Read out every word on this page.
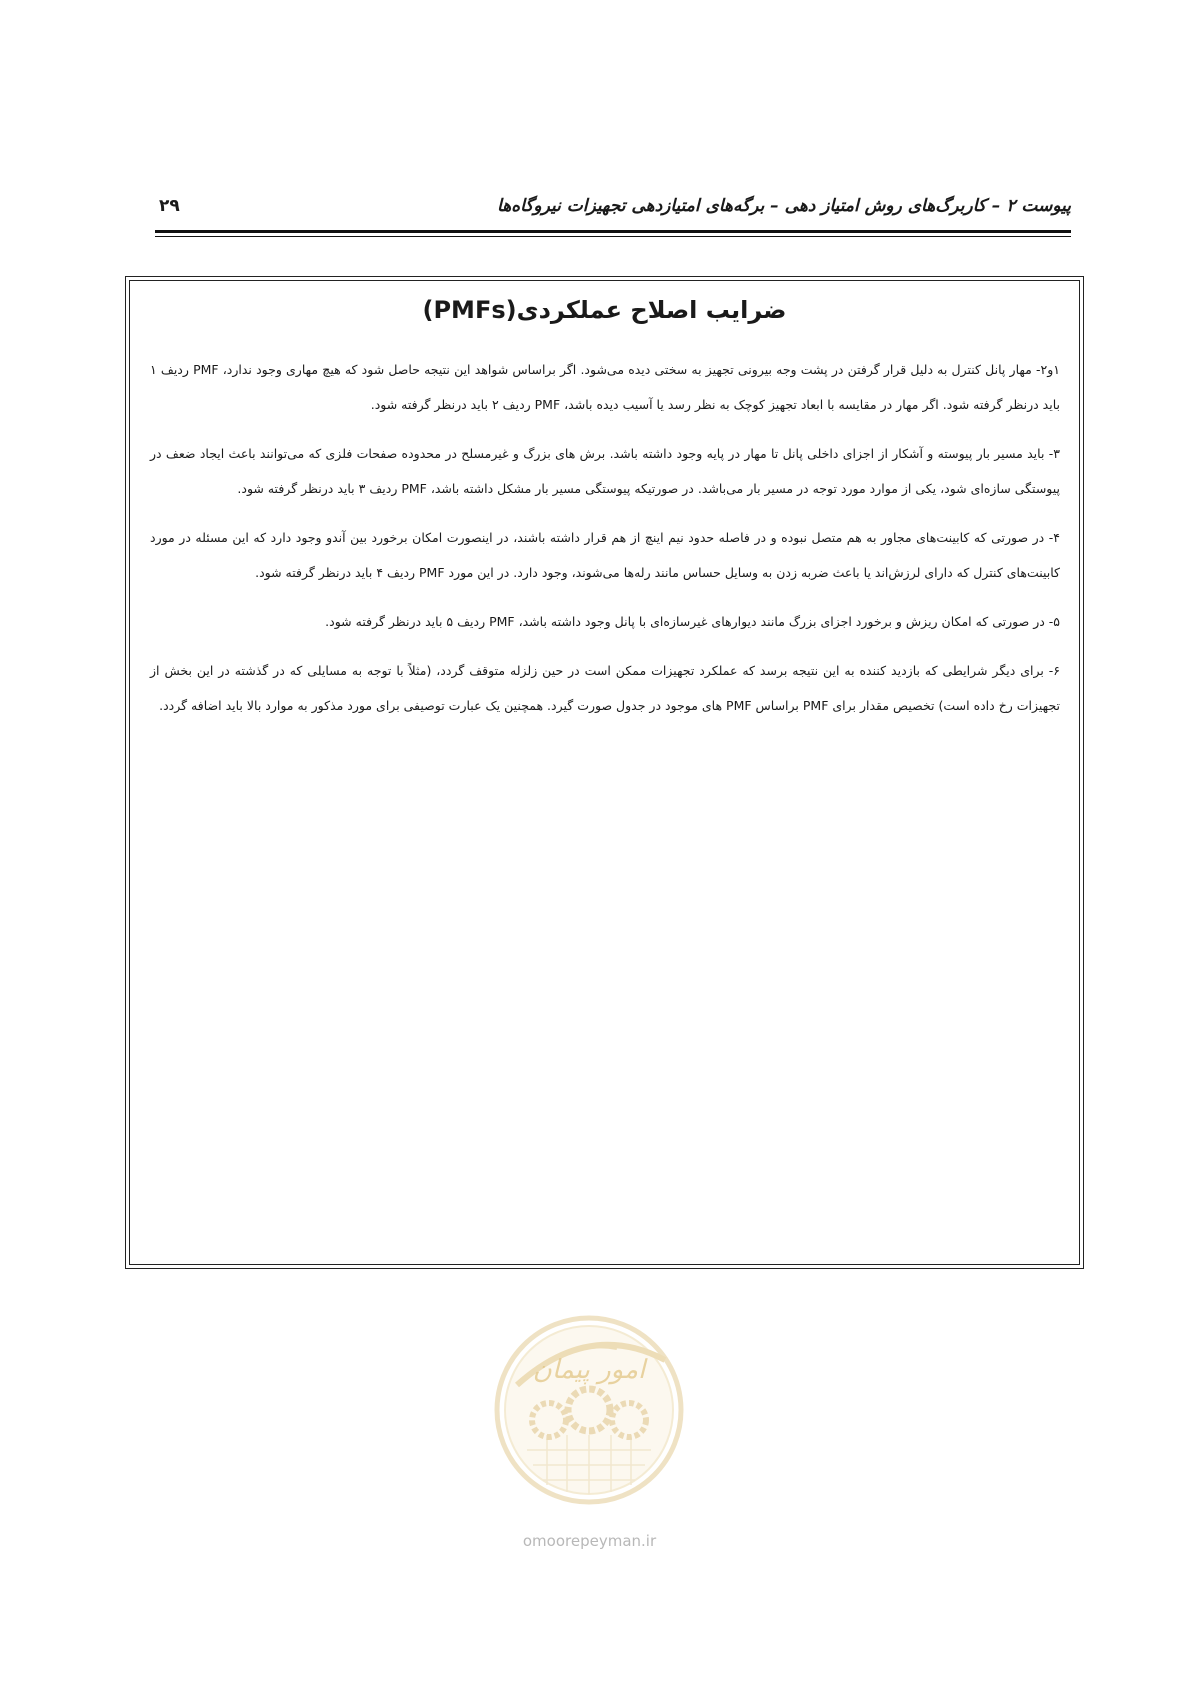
پیوست ۲ – کاربرگ‌های روش امتیاز دهی – برگه‌های امتیازدهی تجهیزات نیروگاه‌ها
۲۹
ضرایب اصلاح عملکردی(PMFs)

۱و۲- مهار پانل کنترل به دلیل قرار گرفتن در پشت وجه بیرونی تجهیز به سختی دیده می‌شود. اگر براساس شواهد این نتیجه حاصل شود که هیچ مهاری وجود ندارد، PMF ردیف ۱ باید درنظر گرفته شود. اگر مهار در مقایسه با ابعاد تجهیز کوچک به نظر رسد یا آسیب دیده باشد، PMF ردیف ۲ باید درنظر گرفته شود.

۳- باید مسیر بار پیوسته و آشکار از اجزای داخلی پانل تا مهار در پایه وجود داشته باشد. برش های بزرگ و غیرمسلح در محدوده صفحات فلزی که می‌توانند باعث ایجاد ضعف در پیوستگی سازه‌ای شود، یکی از موارد مورد توجه در مسیر بار می‌باشد. در صورتیکه پیوستگی مسیر بار مشکل داشته باشد، PMF ردیف ۳ باید درنظر گرفته شود.

۴- در صورتی که کابینت‌های مجاور به هم متصل نبوده و در فاصله حدود نیم اینچ از هم قرار داشته باشند، در اینصورت امکان برخورد بین آندو وجود دارد که این مسئله در مورد کابینت‌های کنترل که دارای لرزش‌اند یا باعث ضربه زدن به وسایل حساس مانند رله‌ها می‌شوند، وجود دارد. در این مورد PMF ردیف ۴ باید درنظر گرفته شود.

۵- در صورتی که امکان ریزش و برخورد اجزای بزرگ مانند دیوارهای غیرسازه‌ای با پانل وجود داشته باشد، PMF ردیف ۵ باید درنظر گرفته شود.

۶- برای دیگر شرایطی که بازدید کننده به این نتیجه برسد که عملکرد تجهیزات ممکن است در حین زلزله متوقف گردد، (مثلاً با توجه به مسایلی که در گذشته در این بخش از تجهیزات رخ داده است) تخصیص مقدار برای PMF براساس PMF های موجود در جدول صورت گیرد. همچنین یک عبارت توصیفی برای مورد مذکور به موارد بالا باید اضافه گردد.

امور پیمان
omoorepeyman.ir
